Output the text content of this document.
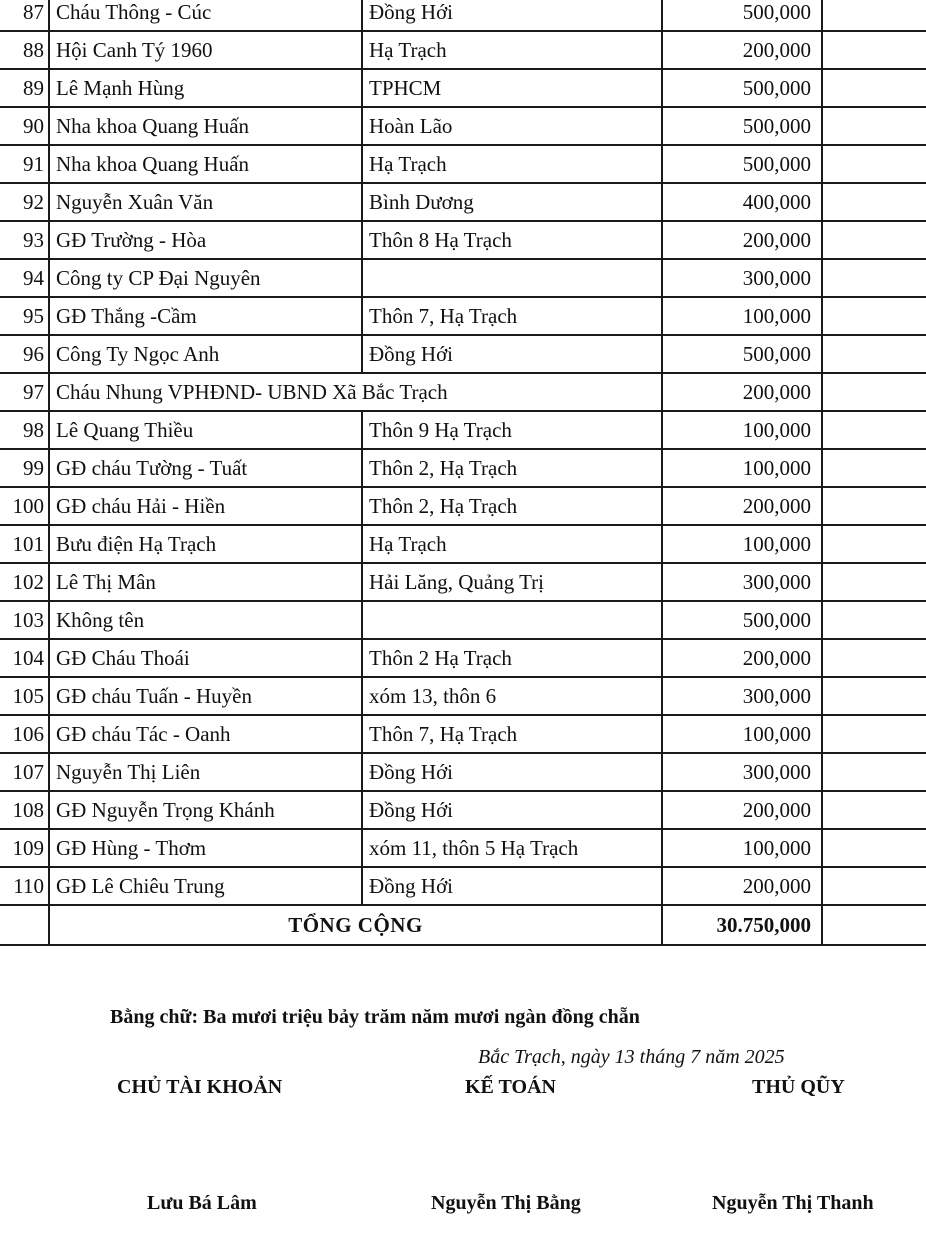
87	Cháu Thông - Cúc	Đồng Hới	500,000	
88	Hội Canh Tý 1960	Hạ Trạch	200,000	
89	Lê Mạnh Hùng	TPHCM	500,000	
90	Nha khoa Quang Huấn	Hoàn Lão	500,000	
91	Nha khoa Quang Huấn	Hạ Trạch	500,000	
92	Nguyễn Xuân Văn	Bình Dương	400,000	
93	GĐ Trường - Hòa	Thôn 8 Hạ Trạch	200,000	
94	Công ty CP Đại Nguyên		300,000	
95	GĐ Thắng -Cầm	Thôn 7, Hạ Trạch	100,000	
96	Công Ty Ngọc Anh	Đồng Hới	500,000	
97	Cháu Nhung VPHĐND- UBND Xã Bắc Trạch		200,000	
98	Lê Quang Thiều	Thôn 9 Hạ Trạch	100,000	
99	GĐ cháu Tường - Tuất	Thôn 2, Hạ Trạch	100,000	
100	GĐ cháu Hải - Hiền	Thôn 2, Hạ Trạch	200,000	
101	Bưu điện Hạ Trạch	Hạ Trạch	100,000	
102	Lê Thị Mân	Hải Lăng, Quảng Trị	300,000	
103	Không tên		500,000	
104	GĐ Cháu Thoái	Thôn 2 Hạ Trạch	200,000	
105	GĐ cháu Tuấn - Huyền	xóm 13, thôn 6	300,000	
106	GĐ cháu Tác - Oanh	Thôn 7, Hạ Trạch	100,000	
107	Nguyễn Thị Liên	Đồng Hới	300,000	
108	GĐ Nguyễn Trọng Khánh	Đồng Hới	200,000	
109	GĐ Hùng - Thơm	xóm 11, thôn 5 Hạ Trạch	100,000	
110	GĐ Lê Chiêu Trung	Đồng Hới	200,000	
	TỔNG CỘNG		30.750,000	
Bằng chữ: Ba mươi triệu bảy trăm năm mươi ngàn đồng chẵn
Bắc Trạch, ngày 13 tháng 7 năm 2025
CHỦ TÀI KHOẢN	KẾ TOÁN	THỦ QŨY
Lưu Bá Lâm	Nguyễn Thị Bằng	Nguyễn Thị Thanh
